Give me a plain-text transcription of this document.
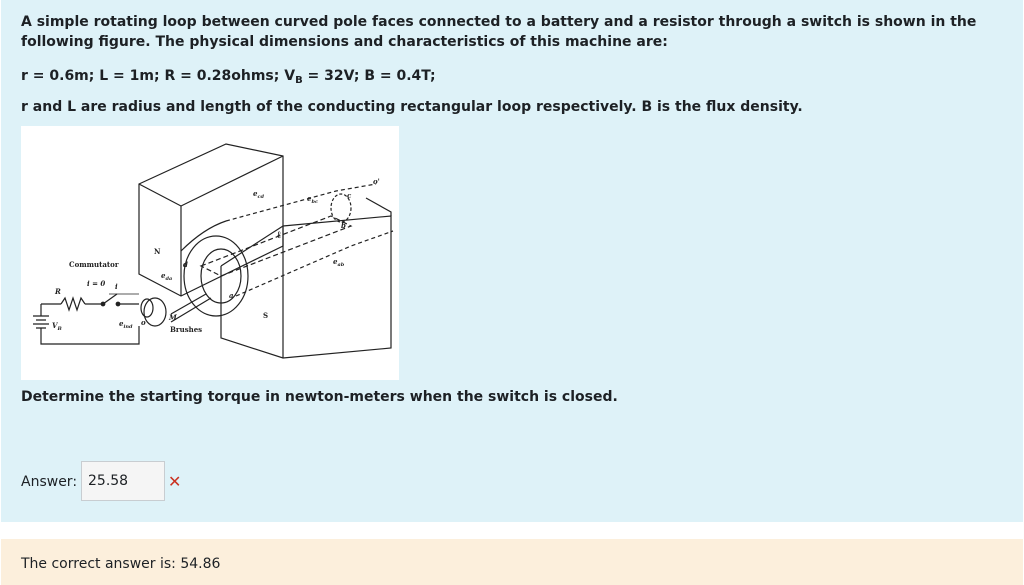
A simple rotating loop between curved pole faces connected to a battery and a resistor through a switch is shown in the following figure. The physical dimensions and characteristics of this machine are:
r = 0.6m; L = 1m; R = 0.28ohms; $V_B = 32V$; B = 0.4T;
r and L are radius and length of the conducting rectangular loop respectively. B is the flux density.
Commutator
i = 0
R
i
$V_B$
$e_{ind}$
M
Brushes
N
S
o'
o
a
b
c
d
$e_{cd}$	$e_{bc}$
$e_{ab}$
$e_{da}$
ℓ
Determine the starting torque in newton-meters when the switch is closed.
Answer:
25.58	✕
The correct answer is: 54.86
